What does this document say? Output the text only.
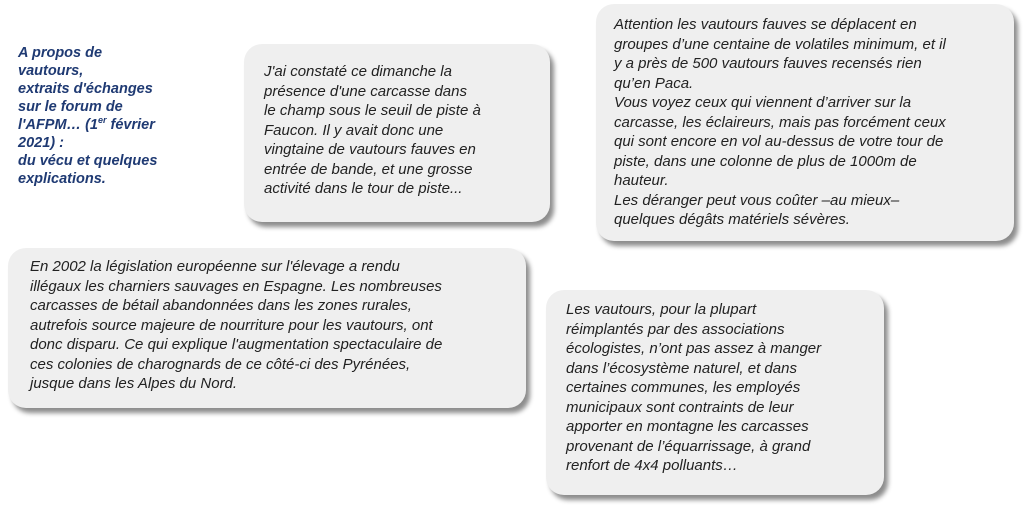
A propos de
vautours,
extraits d'échanges
sur le forum de
l'AFPM… (1er février
2021) :
du vécu et quelques
explications.

J'ai constaté ce dimanche la
présence d'une carcasse dans
le champ sous le seuil de piste à
Faucon. Il y avait donc une
vingtaine de vautours fauves en
entrée de bande, et une grosse
activité dans le tour de piste...

Attention les vautours fauves se déplacent en
groupes d’une centaine de volatiles minimum, et il
y a près de 500 vautours fauves recensés rien
qu’en Paca.
Vous voyez ceux qui viennent d’arriver sur la
carcasse, les éclaireurs, mais pas forcément ceux
qui sont encore en vol au-dessus de votre tour de
piste, dans une colonne de plus de 1000m de
hauteur.
Les déranger peut vous coûter –au mieux–
quelques dégâts matériels sévères.

En 2002 la législation européenne sur l'élevage a rendu
illégaux les charniers sauvages en Espagne. Les nombreuses
carcasses de bétail abandonnées dans les zones rurales,
autrefois source majeure de nourriture pour les vautours, ont
donc disparu. Ce qui explique l'augmentation spectaculaire de
ces colonies de charognards de ce côté-ci des Pyrénées,
jusque dans les Alpes du Nord.

Les vautours, pour la plupart
réimplantés par des associations
écologistes, n’ont pas assez à manger
dans l’écosystème naturel, et dans
certaines communes, les employés
municipaux sont contraints de leur
apporter en montagne les carcasses
provenant de l’équarrissage, à grand
renfort de 4x4 polluants…
